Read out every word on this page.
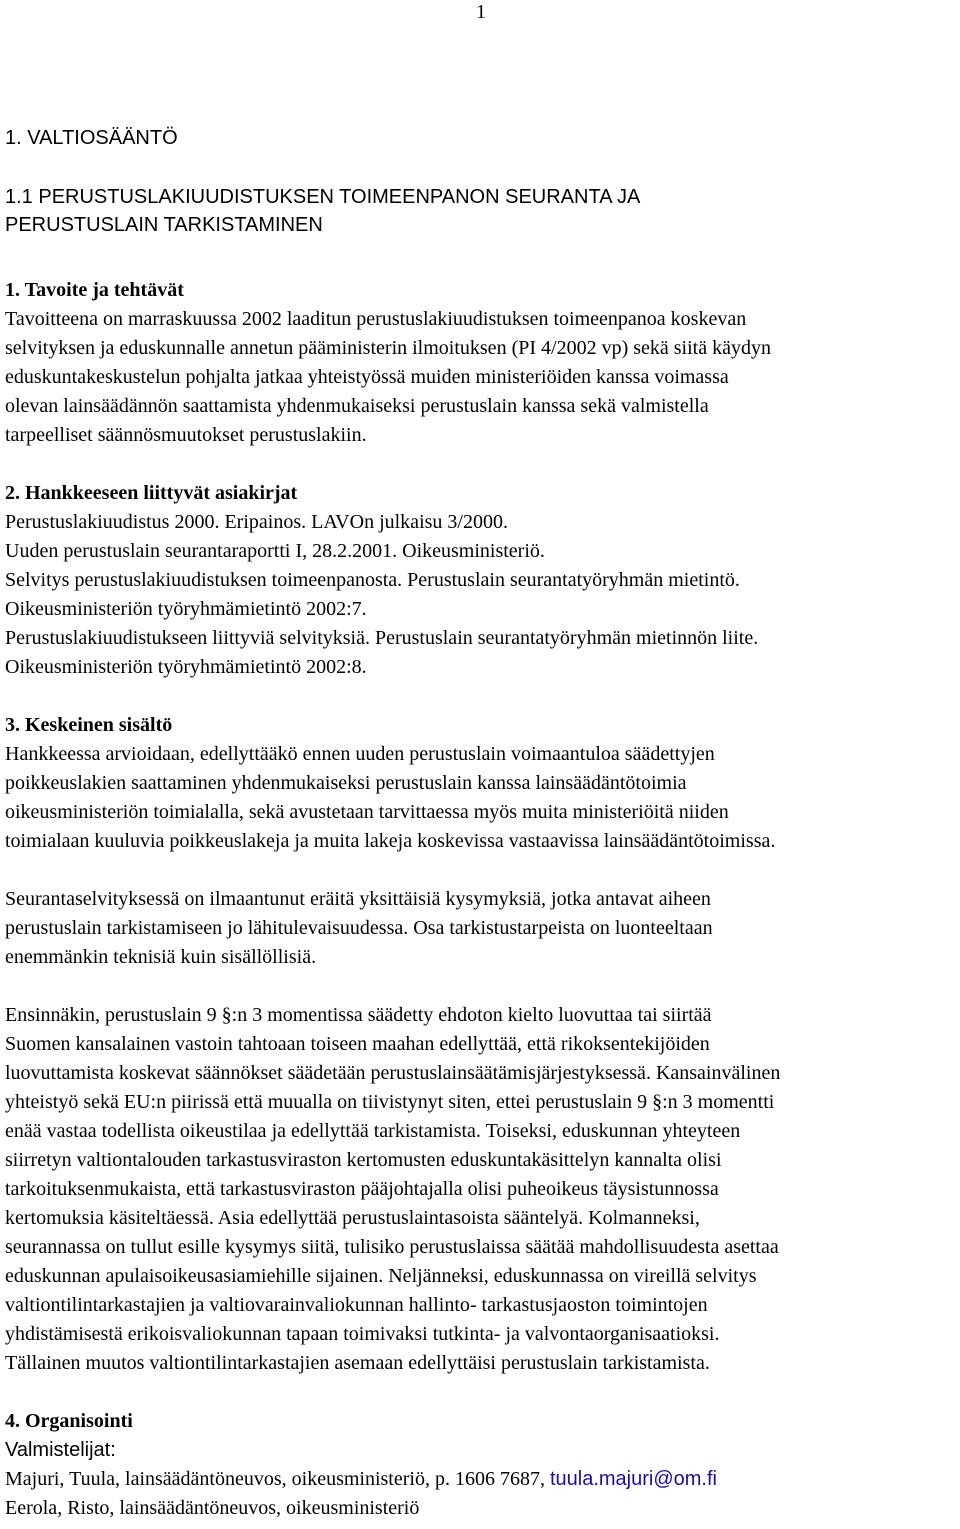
1
1. VALTIOSÄÄNTÖ
1.1 PERUSTUSLAKIUUDISTUKSEN TOIMEENPANON SEURANTA JA
PERUSTUSLAIN TARKISTAMINEN
1. Tavoite ja tehtävät
Tavoitteena on marraskuussa 2002 laaditun perustuslakiuudistuksen toimeenpanoa koskevan
selvityksen ja eduskunnalle annetun pääministerin ilmoituksen (PI 4/2002 vp) sekä siitä käydyn
eduskuntakeskustelun pohjalta jatkaa yhteistyössä muiden ministeriöiden kanssa voimassa
olevan lainsäädännön saattamista yhdenmukaiseksi perustuslain kanssa sekä valmistella
tarpeelliset säännösmuutokset perustuslakiin.
2. Hankkeeseen liittyvät asiakirjat
Perustuslakiuudistus 2000. Eripainos. LAVOn julkaisu 3/2000.
Uuden perustuslain seurantaraportti I, 28.2.2001. Oikeusministeriö.
Selvitys perustuslakiuudistuksen toimeenpanosta. Perustuslain seurantatyöryhmän mietintö.
Oikeusministeriön työryhmämietintö 2002:7.
Perustuslakiuudistukseen liittyviä selvityksiä. Perustuslain seurantatyöryhmän mietinnön liite.
Oikeusministeriön työryhmämietintö 2002:8.
3. Keskeinen sisältö
Hankkeessa arvioidaan, edellyttääkö ennen uuden perustuslain voimaantuloa säädettyjen
poikkeuslakien saattaminen yhdenmukaiseksi perustuslain kanssa lainsäädäntötoimia
oikeusministeriön toimialalla, sekä avustetaan tarvittaessa myös muita ministeriöitä niiden
toimialaan kuuluvia poikkeuslakeja ja muita lakeja koskevissa vastaavissa lainsäädäntötoimissa.
Seurantaselvityksessä on ilmaantunut eräitä yksittäisiä kysymyksiä, jotka antavat aiheen
perustuslain tarkistamiseen jo lähitulevaisuudessa. Osa tarkistustarpeista on luonteeltaan
enemmänkin teknisiä kuin sisällöllisiä.
Ensinnäkin, perustuslain 9 §:n 3 momentissa säädetty ehdoton kielto luovuttaa tai siirtää
Suomen kansalainen vastoin tahtoaan toiseen maahan edellyttää, että rikoksentekijöiden
luovuttamista koskevat säännökset säädetään perustuslainsäätämisjärjestyksessä. Kansainvälinen
yhteistyö sekä EU:n piirissä että muualla on tiivistynyt siten, ettei perustuslain 9 §:n 3 momentti
enää vastaa todellista oikeustilaa ja edellyttää tarkistamista. Toiseksi, eduskunnan yhteyteen
siirretyn valtiontalouden tarkastusviraston kertomusten eduskuntakäsittelyn kannalta olisi
tarkoituksenmukaista, että tarkastusviraston pääjohtajalla olisi puheoikeus täysistunnossa
kertomuksia käsiteltäessä. Asia edellyttää perustuslaintasoista sääntelyä. Kolmanneksi,
seurannassa on tullut esille kysymys siitä, tulisiko perustuslaissa säätää mahdollisuudesta asettaa
eduskunnan apulaisoikeusasiamiehille sijainen. Neljänneksi, eduskunnassa on vireillä selvitys
valtiontilintarkastajien ja valtiovarainvaliokunnan hallinto- tarkastusjaoston toimintojen
yhdistämisestä erikoisvaliokunnan tapaan toimivaksi tutkinta- ja valvontaorganisaatioksi.
Tällainen muutos valtiontilintarkastajien asemaan edellyttäisi perustuslain tarkistamista.
4. Organisointi
Valmistelijat:
Majuri, Tuula, lainsäädäntöneuvos, oikeusministeriö, p. 1606 7687, tuula.majuri@om.fi
Eerola, Risto, lainsäädäntöneuvos, oikeusministeriö
